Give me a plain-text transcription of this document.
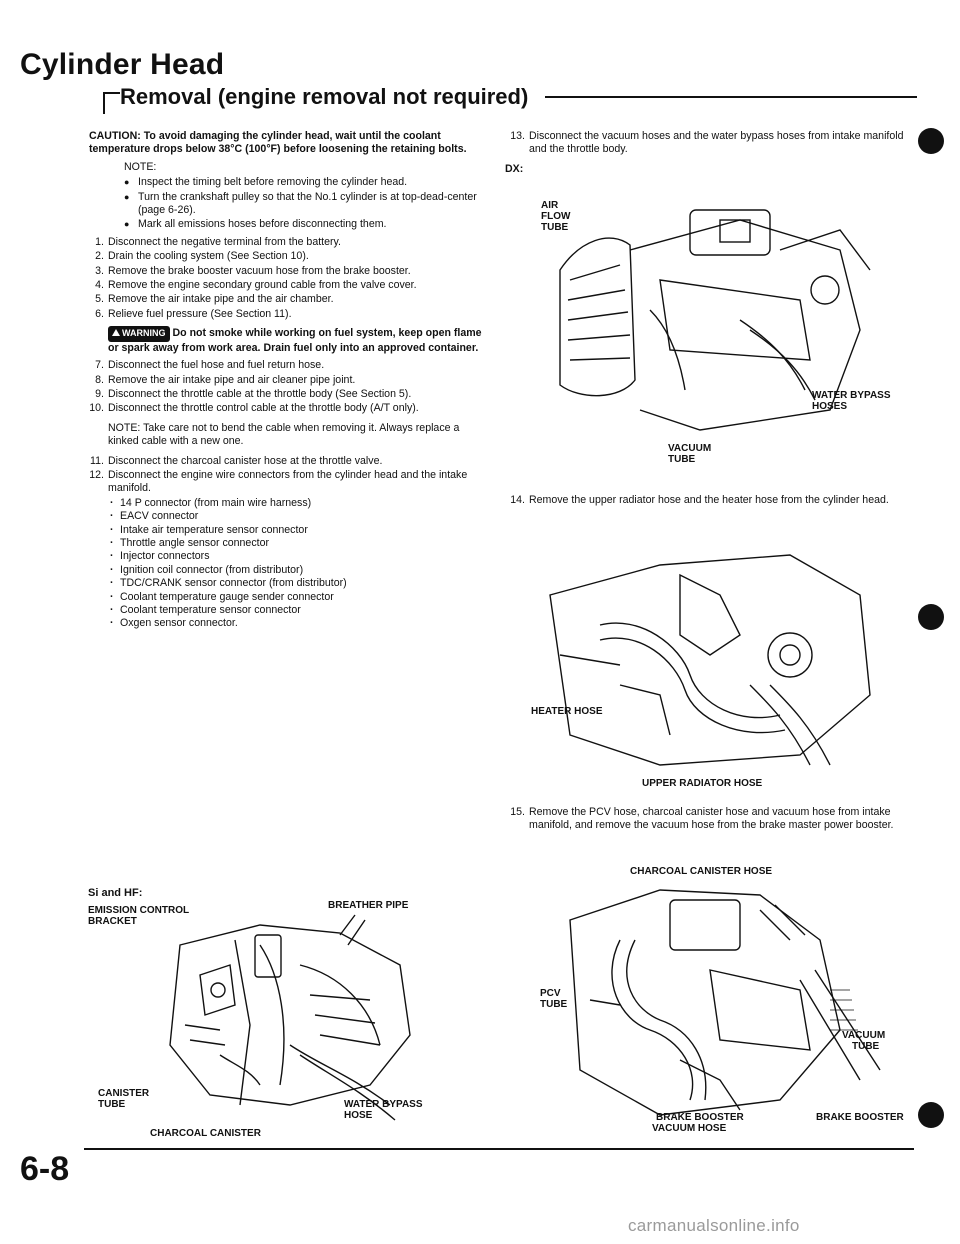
Cylinder Head
Removal (engine removal not required)
CAUTION: To avoid damaging the cylinder head, wait until the coolant temperature drops below 38°C (100°F) before loosening the retaining bolts.
NOTE:
● Inspect the timing belt before removing the cylinder head.
● Turn the crankshaft pulley so that the No.1 cylinder is at top-dead-center (page 6-26).
● Mark all emissions hoses before disconnecting them.
1. Disconnect the negative terminal from the battery.
2. Drain the cooling system (See Section 10).
3. Remove the brake booster vacuum hose from the brake booster.
4. Remove the engine secondary ground cable from the valve cover.
5. Remove the air intake pipe and the air chamber.
6. Relieve fuel pressure (See Section 11).
WARNING Do not smoke while working on fuel system, keep open flame or spark away from work area. Drain fuel only into an approved container.
7. Disconnect the fuel hose and fuel return hose.
8. Remove the air intake pipe and air cleaner pipe joint.
9. Disconnect the throttle cable at the throttle body (See Section 5).
10. Disconnect the throttle control cable at the throttle body (A/T only).
NOTE: Take care not to bend the cable when removing it. Always replace a kinked cable with a new one.
11. Disconnect the charcoal canister hose at the throttle valve.
12. Disconnect the engine wire connectors from the cylinder head and the intake manifold.
· 14 P connector (from main wire harness)
· EACV connector
· Intake air temperature sensor connector
· Throttle angle sensor connector
· Injector connectors
· Ignition coil connector (from distributor)
· TDC/CRANK sensor connector (from distributor)
· Coolant temperature gauge sender connector
· Coolant temperature sensor connector
· Oxgen sensor connector.
Si and HF:
EMISSION CONTROL
BRACKET
BREATHER PIPE
CANISTER
TUBE	WATER BYPASS
HOSE
CHARCOAL CANISTER
13. Disconnect the vacuum hoses and the water bypass hoses from intake manifold and the throttle body.
DX:
AIR
FLOW
TUBE
WATER BYPASS
HOSES
VACUUM
TUBE
14. Remove the upper radiator hose and the heater hose from the cylinder head.
HEATER HOSE
UPPER RADIATOR HOSE
15. Remove the PCV hose, charcoal canister hose and vacuum hose from intake manifold, and remove the vacuum hose from the brake master power booster.
CHARCOAL CANISTER HOSE
PCV
TUBE
VACUUM
TUBE
BRAKE BOOSTER
VACUUM HOSE
BRAKE BOOSTER
6-8
carmanualsonline.info
